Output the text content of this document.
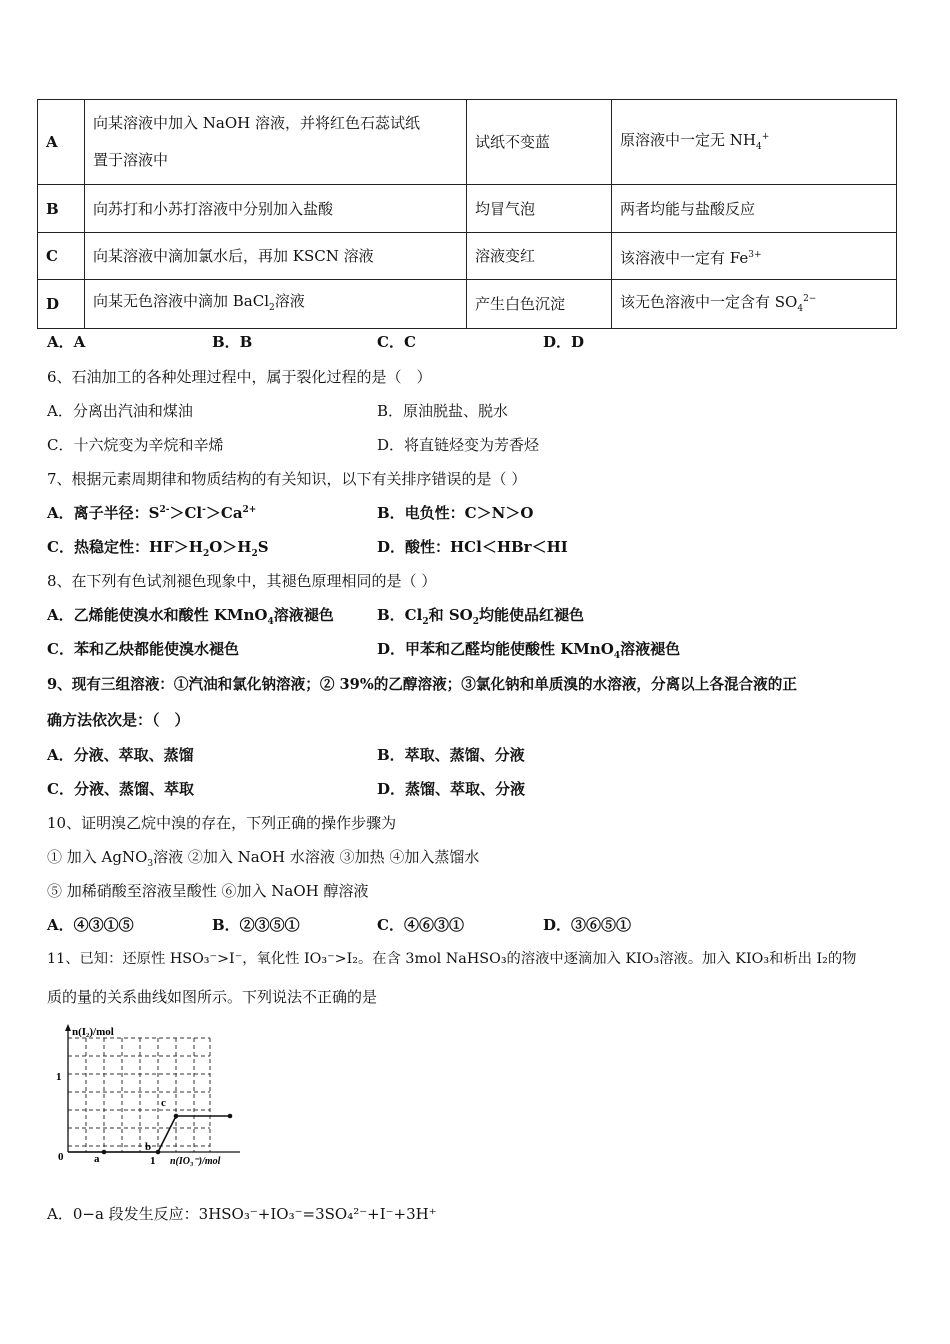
A	向某溶液中加入 NaOH 溶液，并将红色石蕊试纸
置于溶液中	试纸不变蓝	原溶液中一定无 $NH_4^+$
B	向苏打和小苏打溶液中分别加入盐酸	均冒气泡	两者均能与盐酸反应
C	向某溶液中滴加氯水后，再加 KSCN 溶液	溶液变红	该溶液中一定有 $Fe^{3+}$
D	向某无色溶液中滴加 BaCl$_2$溶液	产生白色沉淀	该无色溶液中一定含有 $SO_4^{2-}$
A．A	B．B	C．C	D．D
6、石油加工的各种处理过程中，属于裂化过程的是（　）
A．分离出汽油和煤油	B．原油脱盐、脱水
C．十六烷变为辛烷和辛烯	D．将直链烃变为芳香烃
7、根据元素周期律和物质结构的有关知识，以下有关排序错误的是（ ）
A．离子半径：$S^{2-}>Cl^->Ca^{2+}$	B．电负性：C＞N＞O
C．热稳定性：$HF>H_2O>H_2S$	D．酸性：HCl＜HBr＜HI
8、在下列有色试剂褪色现象中，其褪色原理相同的是（ ）
A．乙烯能使溴水和酸性 KMnO$_4$溶液褪色	B．$Cl_2$和 $SO_2$均能使品红褪色
C．苯和乙炔都能使溴水褪色	D．甲苯和乙醛均能使酸性 KMnO$_4$溶液褪色
9、现有三组溶液：①汽油和氯化钠溶液；② 39%的乙醇溶液；③氯化钠和单质溴的水溶液，分离以上各混合液的正
确方法依次是：（　）
A．分液、萃取、蒸馏	B．萃取、蒸馏、分液
C．分液、蒸馏、萃取	D．蒸馏、萃取、分液
10、证明溴乙烷中溴的存在，下列正确的操作步骤为
① 加入 AgNO$_3$溶液 ②加入 NaOH 水溶液 ③加热 ④加入蒸馏水
⑤ 加稀硝酸至溶液呈酸性 ⑥加入 NaOH 醇溶液
A．④③①⑤	B．②③⑤①	C．④⑥③①	D．③⑥⑤①
11、已知：还原性 HSO₃⁻>I⁻，氧化性 IO₃⁻>I₂。在含 3mol NaHSO₃的溶液中逐滴加入 KIO₃溶液。加入 KIO₃和析出 I₂的物
质的量的关系曲线如图所示。下列说法不正确的是
n(I₂)/mol
1
0	a
b
c
1 n(IO₃⁻)/mol
A．0−a 段发生反应：3HSO₃⁻+IO₃⁻=3SO₄²⁻+I⁻+3H⁺
